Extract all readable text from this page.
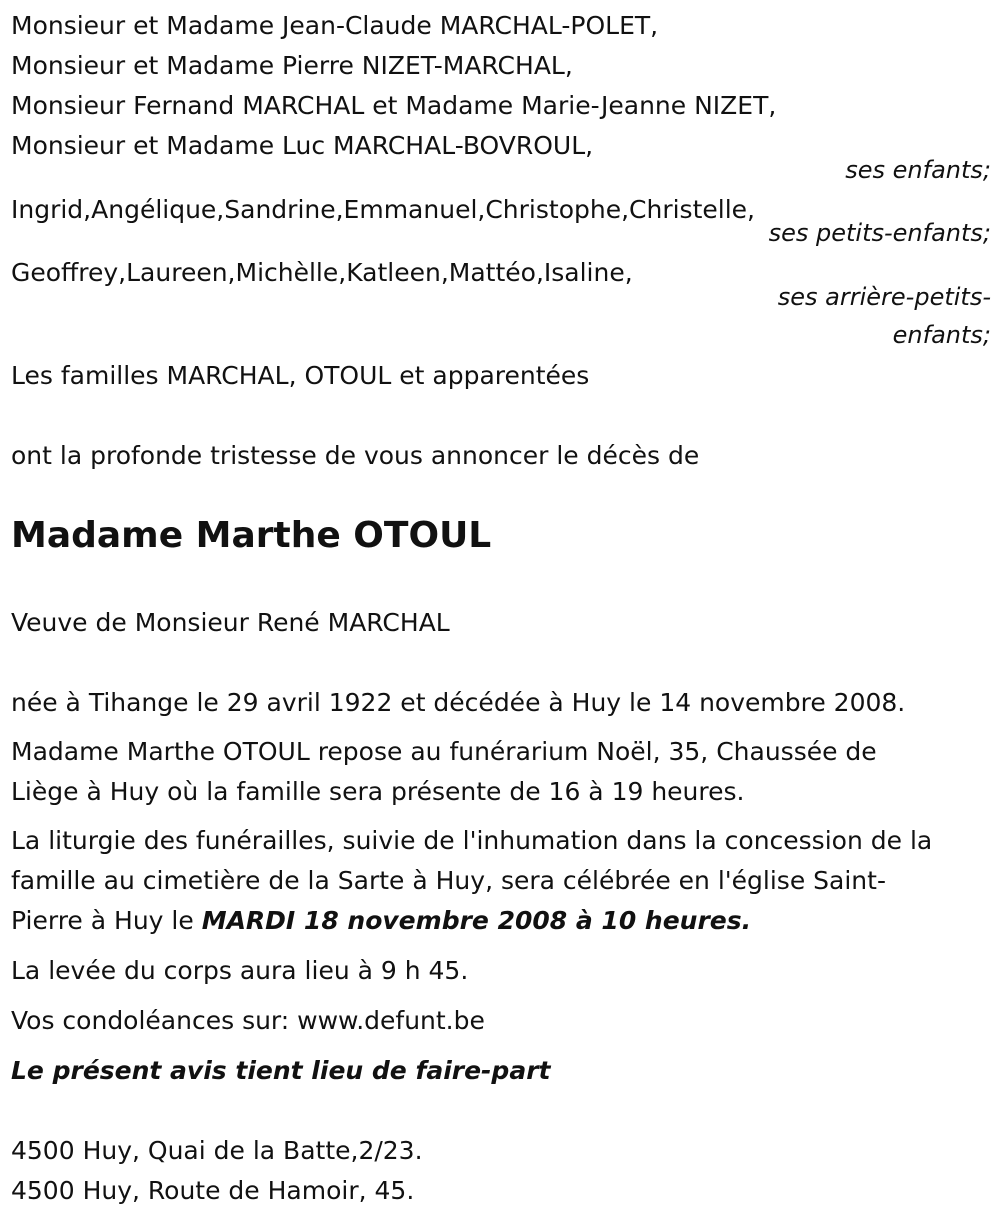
Monsieur et Madame Jean-Claude MARCHAL-POLET,
Monsieur et Madame Pierre NIZET-MARCHAL,
Monsieur Fernand MARCHAL et Madame Marie-Jeanne NIZET,
Monsieur et Madame Luc MARCHAL-BOVROUL,
ses enfants;
Ingrid,Angélique,Sandrine,Emmanuel,Christophe,Christelle,
ses petits-enfants;
Geoffrey,Laureen,Michèlle,Katleen,Mattéo,Isaline,
ses arrière-petits-
enfants;
Les familles MARCHAL, OTOUL et apparentées
ont la profonde tristesse de vous annoncer le décès de
Madame Marthe OTOUL
Veuve de Monsieur René MARCHAL
née à Tihange le 29 avril 1922 et décédée à Huy le 14 novembre 2008.
Madame Marthe OTOUL repose au funérarium Noël, 35, Chaussée de
Liège à Huy où la famille sera présente de 16 à 19 heures.
La liturgie des funérailles, suivie de l'inhumation dans la concession de la
famille au cimetière de la Sarte à Huy, sera célébrée en l'église Saint-
Pierre à Huy le MARDI 18 novembre 2008 à 10 heures.
La levée du corps aura lieu à 9 h 45.
Vos condoléances sur: www.defunt.be
Le présent avis tient lieu de faire-part
4500 Huy, Quai de la Batte,2/23.
4500 Huy, Route de Hamoir, 45.
